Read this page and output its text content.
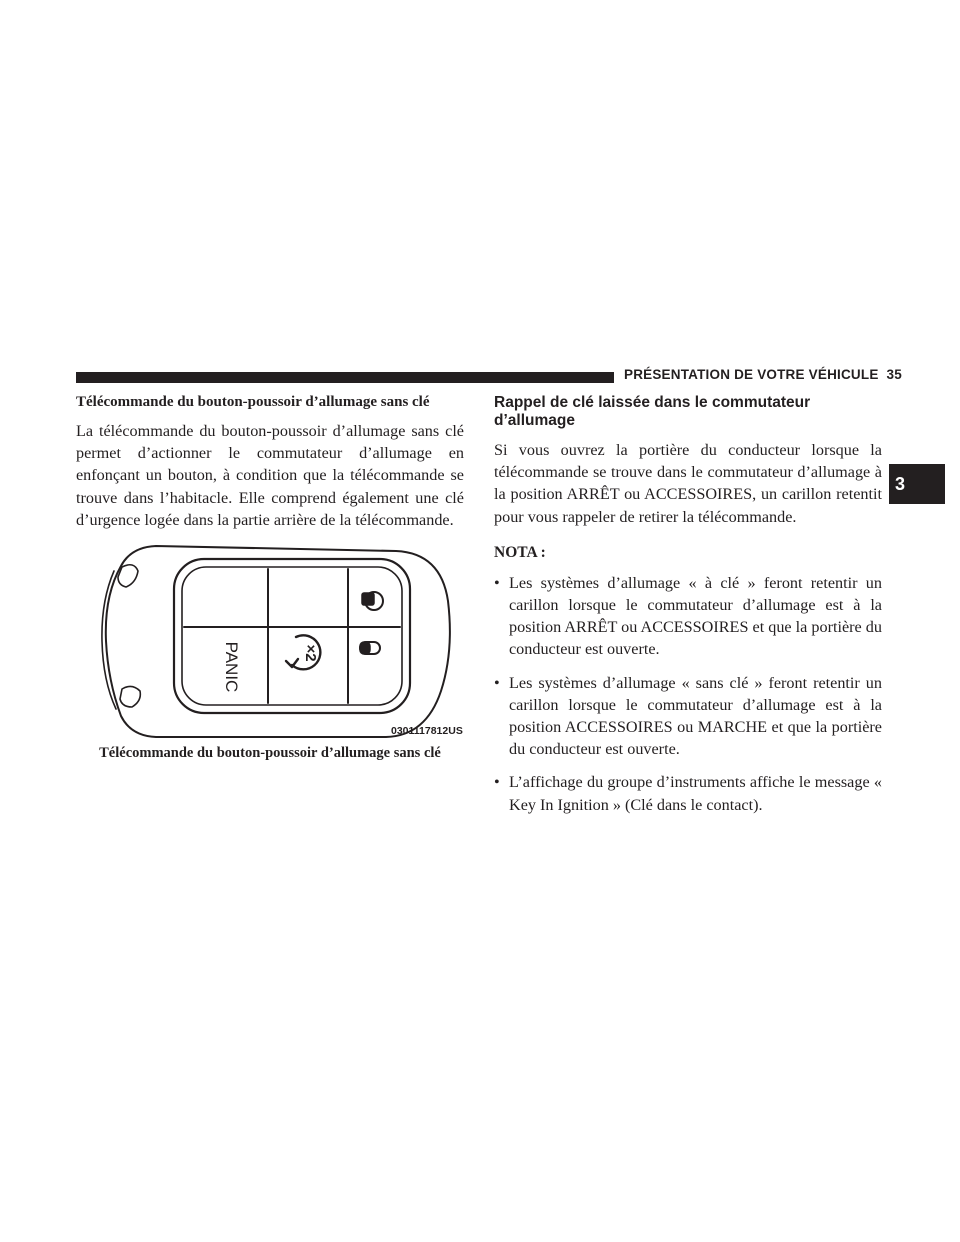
PRÉSENTATION DE VOTRE VÉHICULE 35
3
Télécommande du bouton-poussoir d’allumage sans clé

La télécommande du bouton-poussoir d’allumage sans clé permet d’actionner le commutateur d’allumage en enfonçant un bouton, à condition que la télécommande se trouve dans l’habitacle. Elle comprend également une clé d’urgence logée dans la partie arrière de la télécommande.

PANIC	×2
0301117812US
Télécommande du bouton-poussoir d’allumage sans clé
Rappel de clé laissée dans le commutateur d’allumage

Si vous ouvrez la portière du conducteur lorsque la télécommande se trouve dans le commutateur d’allumage à la position ARRÊT ou ACCESSOIRES, un carillon retentit pour vous rappeler de retirer la télécommande.

NOTA :
• Les systèmes d’allumage « à clé » feront retentir un carillon lorsque le commutateur d’allumage est à la position ARRÊT ou ACCESSOIRES et que la portière du conducteur est ouverte.
• Les systèmes d’allumage « sans clé » feront retentir un carillon lorsque le commutateur d’allumage est à la position ACCESSOIRES ou MARCHE et que la portière du conducteur est ouverte.
• L’affichage du groupe d’instruments affiche le message « Key In Ignition » (Clé dans le contact).
